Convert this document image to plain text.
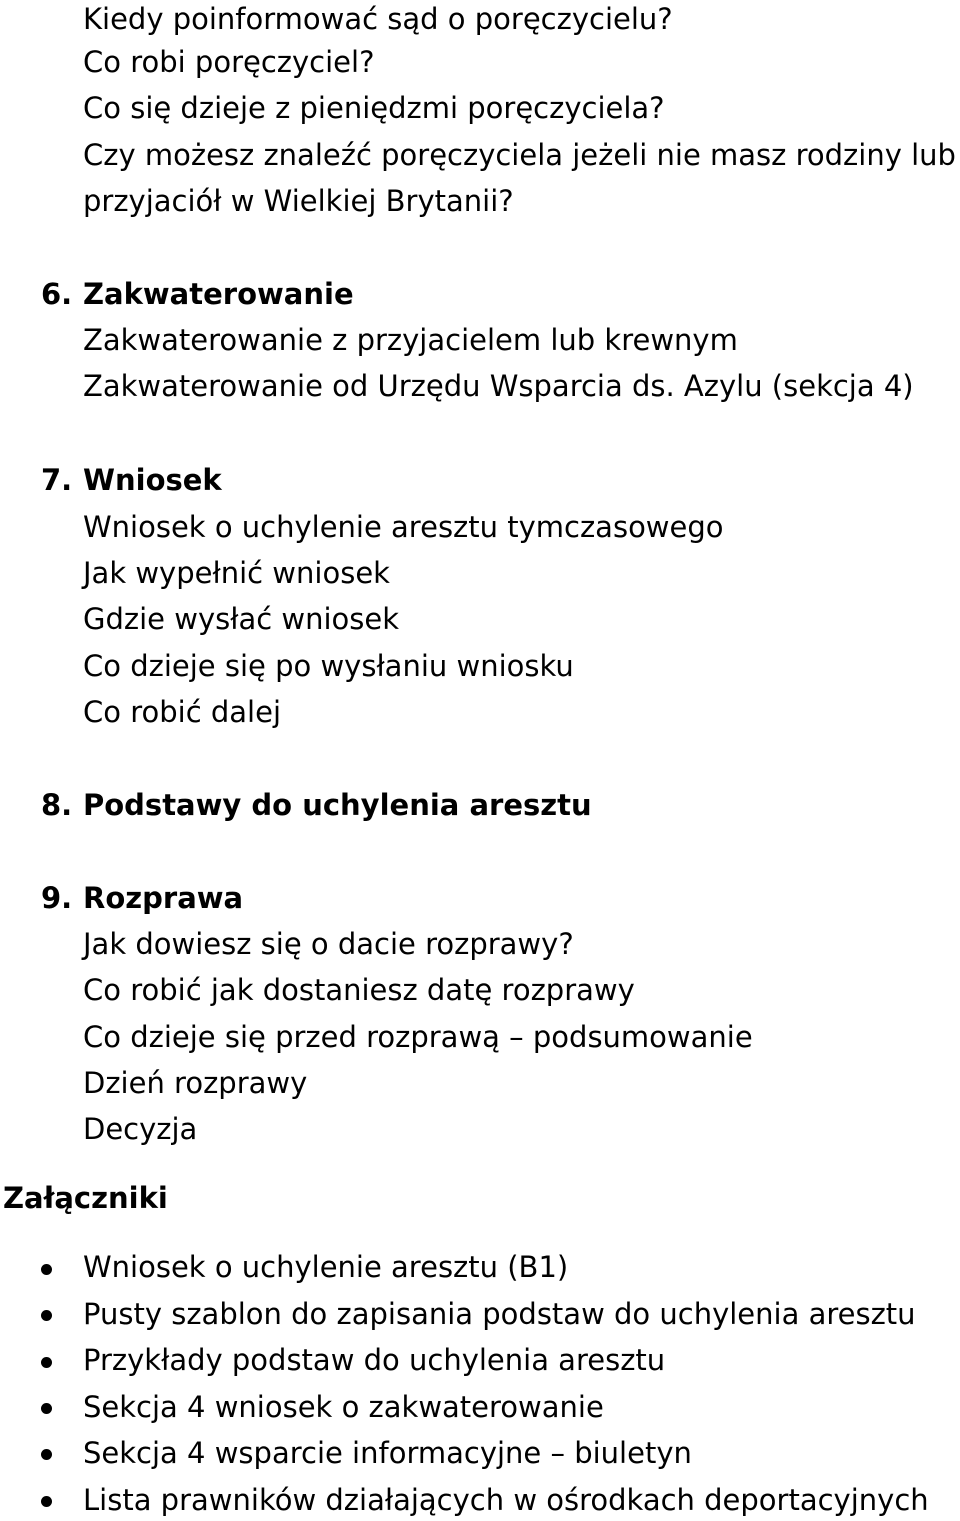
Kiedy poinformować sąd o poręczycielu?

Co robi poręczyciel?

Co się dzieje z pieniędzmi poręczyciela?

Czy możesz znaleźć poręczyciela jeżeli nie masz rodziny lub

przyjaciół w Wielkiej Brytanii?

6. Zakwaterowanie

Zakwaterowanie z przyjacielem lub krewnym

Zakwaterowanie od Urzędu Wsparcia ds. Azylu (sekcja 4)

7. Wniosek

Wniosek o uchylenie aresztu tymczasowego

Jak wypełnić wniosek

Gdzie wysłać wniosek

Co dzieje się po wysłaniu wniosku

Co robić dalej

8. Podstawy do uchylenia aresztu
9. Rozprawa

Jak dowiesz się o dacie rozprawy?

Co robić jak dostaniesz datę rozprawy

Co dzieje się przed rozprawą – podsumowanie

Dzień rozprawy

Decyzja

Załączniki

Wniosek o uchylenie aresztu (B1)

Pusty szablon do zapisania podstaw do uchylenia aresztu

Przykłady podstaw do uchylenia aresztu

Sekcja 4 wniosek o zakwaterowanie

Sekcja 4 wsparcie informacyjne – biuletyn

Lista prawników działających w ośrodkach deportacyjnych
